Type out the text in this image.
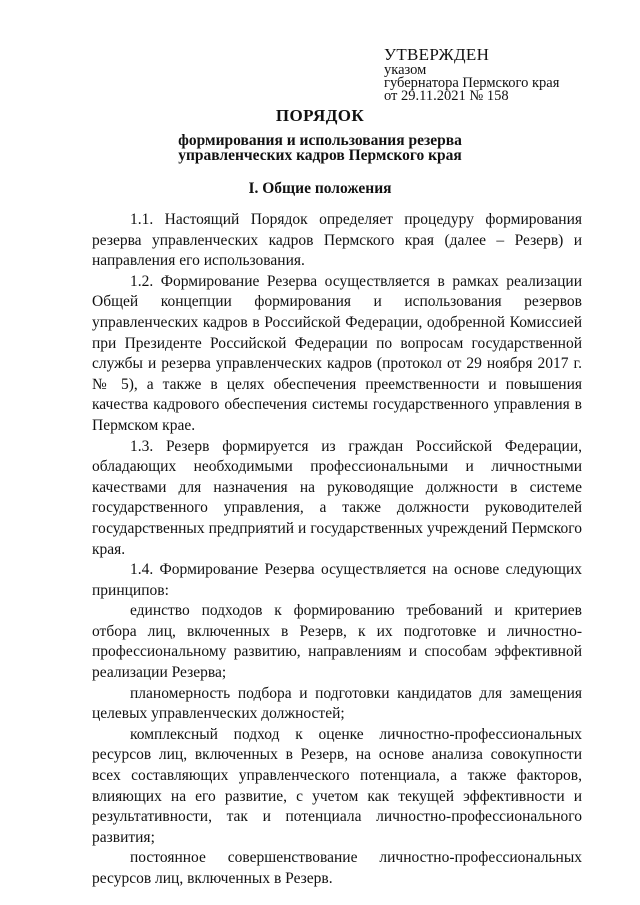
УТВЕРЖДЕН
указом
губернатора Пермского края
от 29.11.2021 № 158
ПОРЯДОК
формирования и использования резерва
управленческих кадров Пермского края
I. Общие положения

1.1. Настоящий Порядок определяет процедуру формирования резерва управленческих кадров Пермского края (далее – Резерв) и направления его использования.

1.2. Формирование Резерва осуществляется в рамках реализации Общей концепции формирования и использования резервов управленческих кадров в Российской Федерации, одобренной Комиссией при Президенте Российской Федерации по вопросам государственной службы и резерва управленческих кадров (протокол от 29 ноября 2017 г. № 5), а также в целях обеспечения преемственности и повышения качества кадрового обеспечения системы государственного управления в Пермском крае.

1.3. Резерв формируется из граждан Российской Федерации, обладающих необходимыми профессиональными и личностными качествами для назначения на руководящие должности в системе государственного управления, а также должности руководителей государственных предприятий и государственных учреждений Пермского края.

1.4. Формирование Резерва осуществляется на основе следующих принципов:

единство подходов к формированию требований и критериев отбора лиц, включенных в Резерв, к их подготовке и личностно-профессиональному развитию, направлениям и способам эффективной реализации Резерва;

планомерность подбора и подготовки кандидатов для замещения целевых управленческих должностей;

комплексный подход к оценке личностно-профессиональных ресурсов лиц, включенных в Резерв, на основе анализа совокупности всех составляющих управленческого потенциала, а также факторов, влияющих на его развитие, с учетом как текущей эффективности и результативности, так и потенциала личностно-профессионального развития;

постоянное совершенствование личностно-профессиональных ресурсов лиц, включенных в Резерв.
